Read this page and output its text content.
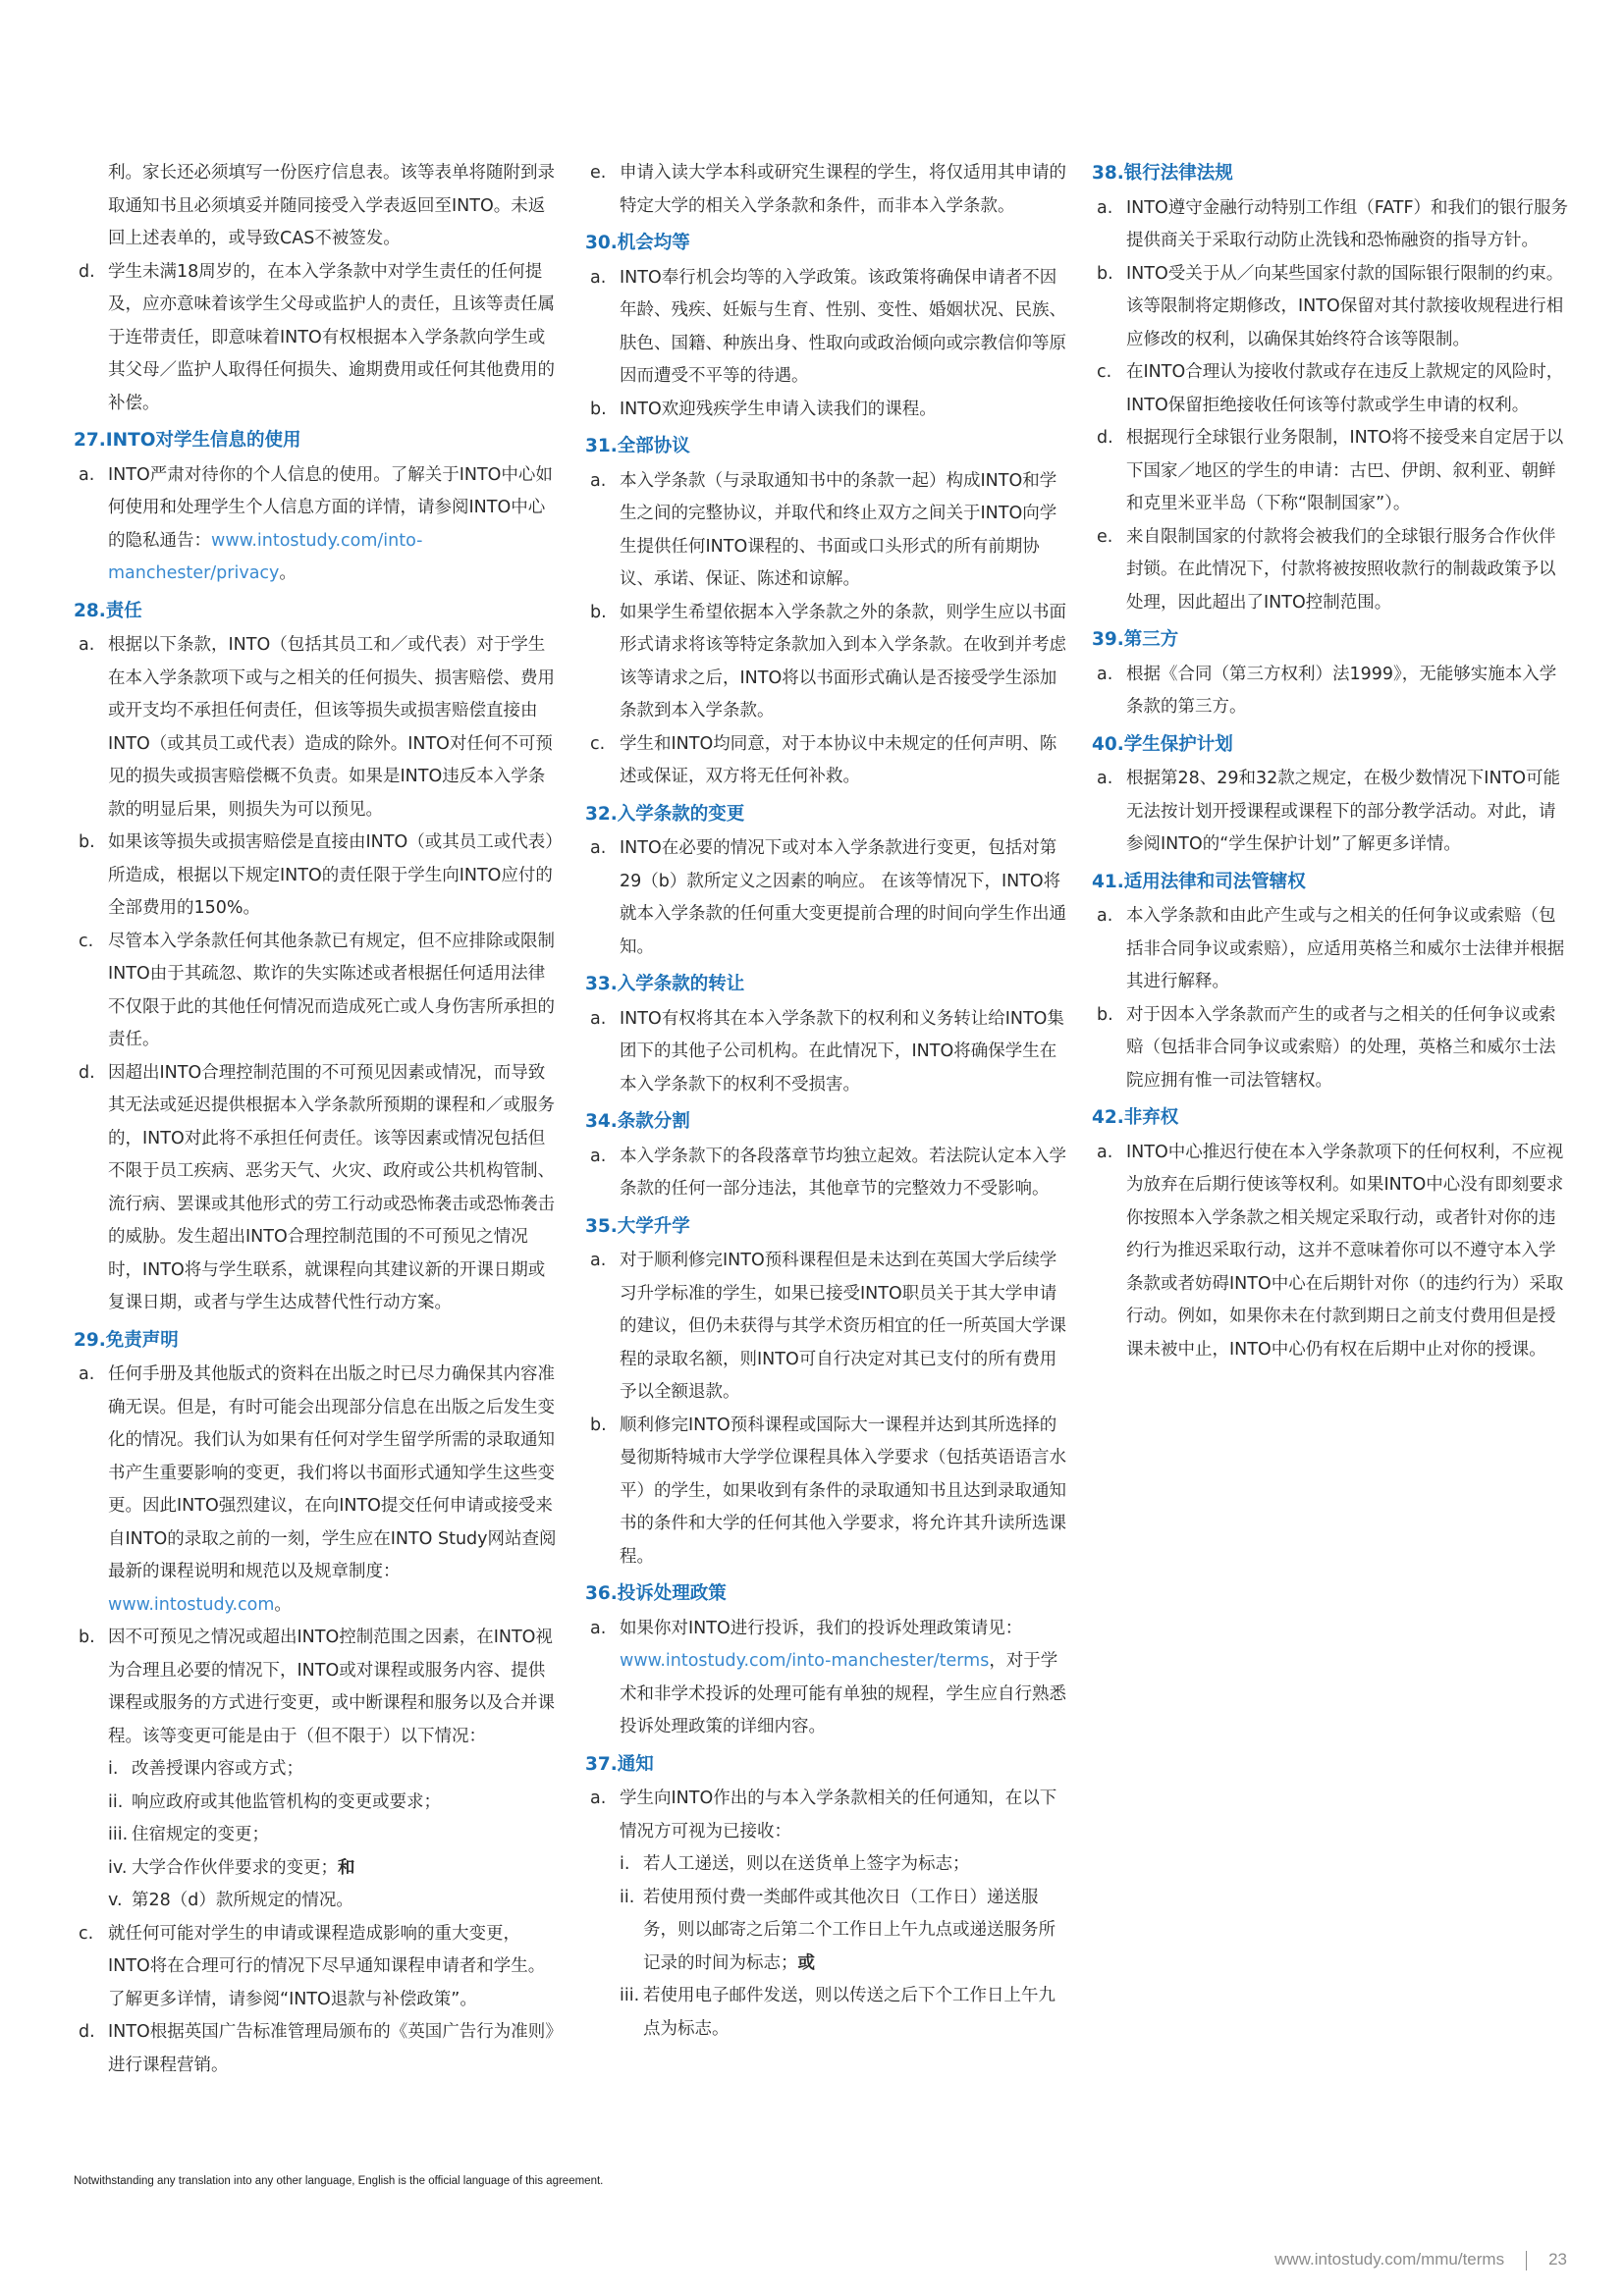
利。家长还必须填写一份医疗信息表。该等表单将随附到录取通知书且必须填妥并随同接受入学表返回至INTO。未返回上述表单的，或导致CAS不被签发。
d. 学生未满18周岁的，在本入学条款中对学生责任的任何提及，应亦意味着该学生父母或监护人的责任，且该等责任属于连带责任，即意味着INTO有权根据本入学条款向学生或其父母／监护人取得任何损失、逾期费用或任何其他费用的补偿。
27.INTO对学生信息的使用
a. INTO严肃对待你的个人信息的使用。了解关于INTO中心如何使用和处理学生个人信息方面的详情，请参阅INTO中心的隐私通告：www.intostudy.com/into-manchester/privacy。
28.责任
a. 根据以下条款，INTO（包括其员工和／或代表）对于学生在本入学条款项下或与之相关的任何损失、损害赔偿、费用或开支均不承担任何责任，但该等损失或损害赔偿直接由INTO（或其员工或代表）造成的除外。INTO对任何不可预见的损失或损害赔偿概不负责。如果是INTO违反本入学条款的明显后果，则损失为可以预见。
b. 如果该等损失或损害赔偿是直接由INTO（或其员工或代表）所造成，根据以下规定INTO的责任限于学生向INTO应付的全部费用的150%。
c. 尽管本入学条款任何其他条款已有规定，但不应排除或限制INTO由于其疏忽、欺诈的失实陈述或者根据任何适用法律不仅限于此的其他任何情况而造成死亡或人身伤害所承担的责任。
d. 因超出INTO合理控制范围的不可预见因素或情况，而导致其无法或延迟提供根据本入学条款所预期的课程和／或服务的，INTO对此将不承担任何责任。该等因素或情况包括但不限于员工疾病、恶劣天气、火灾、政府或公共机构管制、流行病、罢课或其他形式的劳工行动或恐怖袭击或恐怖袭击的威胁。发生超出INTO合理控制范围的不可预见之情况时，INTO将与学生联系，就课程向其建议新的开课日期或复课日期，或者与学生达成替代性行动方案。
29.免责声明
a. 任何手册及其他版式的资料在出版之时已尽力确保其内容准确无误。但是，有时可能会出现部分信息在出版之后发生变化的情况。我们认为如果有任何对学生留学所需的录取通知书产生重要影响的变更，我们将以书面形式通知学生这些变更。因此INTO强烈建议，在向INTO提交任何申请或接受来自INTO的录取之前的一刻，学生应在INTO Study网站查阅最新的课程说明和规范以及规章制度：www.intostudy.com。
b. 因不可预见之情况或超出INTO控制范围之因素，在INTO视为合理且必要的情况下，INTO或对课程或服务内容、提供课程或服务的方式进行变更，或中断课程和服务以及合并课程。该等变更可能是由于（但不限于）以下情况：
i. 改善授课内容或方式；
ii. 响应政府或其他监管机构的变更或要求；
iii. 住宿规定的变更；
iv. 大学合作伙伴要求的变更；和
v. 第28（d）款所规定的情况。
c. 就任何可能对学生的申请或课程造成影响的重大变更，INTO将在合理可行的情况下尽早通知课程申请者和学生。了解更多详情，请参阅“INTO退款与补偿政策”。
d. INTO根据英国广告标准管理局颁布的《英国广告行为准则》进行课程营销。
e. 申请入读大学本科或研究生课程的学生，将仅适用其申请的特定大学的相关入学条款和条件，而非本入学条款。
30.机会均等
a. INTO奉行机会均等的入学政策。该政策将确保申请者不因年龄、残疾、妊娠与生育、性别、变性、婚姻状况、民族、肤色、国籍、种族出身、性取向或政治倾向或宗教信仰等原因而遭受不平等的待遇。
b. INTO欢迎残疾学生申请入读我们的课程。
31.全部协议
a. 本入学条款（与录取通知书中的条款一起）构成INTO和学生之间的完整协议，并取代和终止双方之间关于INTO向学生提供任何INTO课程的、书面或口头形式的所有前期协议、承诺、保证、陈述和谅解。
b. 如果学生希望依据本入学条款之外的条款，则学生应以书面形式请求将该等特定条款加入到本入学条款。在收到并考虑该等请求之后，INTO将以书面形式确认是否接受学生添加条款到本入学条款。
c. 学生和INTO均同意，对于本协议中未规定的任何声明、陈述或保证，双方将无任何补救。
32.入学条款的变更
a. INTO在必要的情况下或对本入学条款进行变更，包括对第29（b）款所定义之因素的响应。 在该等情况下，INTO将就本入学条款的任何重大变更提前合理的时间向学生作出通知。
33.入学条款的转让
a. INTO有权将其在本入学条款下的权利和义务转让给INTO集团下的其他子公司机构。在此情况下，INTO将确保学生在本入学条款下的权利不受损害。
34.条款分割
a. 本入学条款下的各段落章节均独立起效。若法院认定本入学条款的任何一部分违法，其他章节的完整效力不受影响。
35.大学升学
a. 对于顺利修完INTO预科课程但是未达到在英国大学后续学习升学标准的学生，如果已接受INTO职员关于其大学申请的建议，但仍未获得与其学术资历相宜的任一所英国大学课程的录取名额，则INTO可自行决定对其已支付的所有费用予以全额退款。
b. 顺利修完INTO预科课程或国际大一课程并达到其所选择的曼彻斯特城市大学学位课程具体入学要求（包括英语语言水平）的学生，如果收到有条件的录取通知书且达到录取通知书的条件和大学的任何其他入学要求，将允许其升读所选课程。
36.投诉处理政策
a. 如果你对INTO进行投诉，我们的投诉处理政策请见：www.intostudy.com/into-manchester/terms，对于学术和非学术投诉的处理可能有单独的规程，学生应自行熟悉投诉处理政策的详细内容。
37.通知
a. 学生向INTO作出的与本入学条款相关的任何通知，在以下情况方可视为已接收：
i. 若人工递送，则以在送货单上签字为标志；
ii. 若使用预付费一类邮件或其他次日（工作日）递送服务，则以邮寄之后第二个工作日上午九点或递送服务所记录的时间为标志；或
iii. 若使用电子邮件发送，则以传送之后下个工作日上午九点为标志。
38.银行法律法规
a. INTO遵守金融行动特别工作组（FATF）和我们的银行服务提供商关于采取行动防止洗钱和恐怖融资的指导方针。
b. INTO受关于从／向某些国家付款的国际银行限制的约束。该等限制将定期修改，INTO保留对其付款接收规程进行相应修改的权利，以确保其始终符合该等限制。
c. 在INTO合理认为接收付款或存在违反上款规定的风险时，INTO保留拒绝接收任何该等付款或学生申请的权利。
d. 根据现行全球银行业务限制，INTO将不接受来自定居于以下国家／地区的学生的申请：古巴、伊朗、叙利亚、朝鲜和克里米亚半岛（下称“限制国家”）。
e. 来自限制国家的付款将会被我们的全球银行服务合作伙伴封锁。在此情况下，付款将被按照收款行的制裁政策予以处理，因此超出了INTO控制范围。
39.第三方
a. 根据《合同（第三方权利）法1999》，无能够实施本入学条款的第三方。
40.学生保护计划
a. 根据第28、29和32款之规定，在极少数情况下INTO可能无法按计划开授课程或课程下的部分教学活动。对此，请参阅INTO的“学生保护计划”了解更多详情。
41.适用法律和司法管辖权
a. 本入学条款和由此产生或与之相关的任何争议或索赔（包括非合同争议或索赔），应适用英格兰和威尔士法律并根据其进行解释。
b. 对于因本入学条款而产生的或者与之相关的任何争议或索赔（包括非合同争议或索赔）的处理，英格兰和威尔士法院应拥有惟一司法管辖权。
42.非弃权
a. INTO中心推迟行使在本入学条款项下的任何权利，不应视为放弃在后期行使该等权利。如果INTO中心没有即刻要求你按照本入学条款之相关规定采取行动，或者针对你的违约行为推迟采取行动，这并不意味着你可以不遵守本入学条款或者妨碍INTO中心在后期针对你（的违约行为）采取行动。例如，如果你未在付款到期日之前支付费用但是授课未被中止，INTO中心仍有权在后期中止对你的授课。
Notwithstanding any translation into any other language, English is the official language of this agreement.
www.intostudy.com/mmu/terms	23
